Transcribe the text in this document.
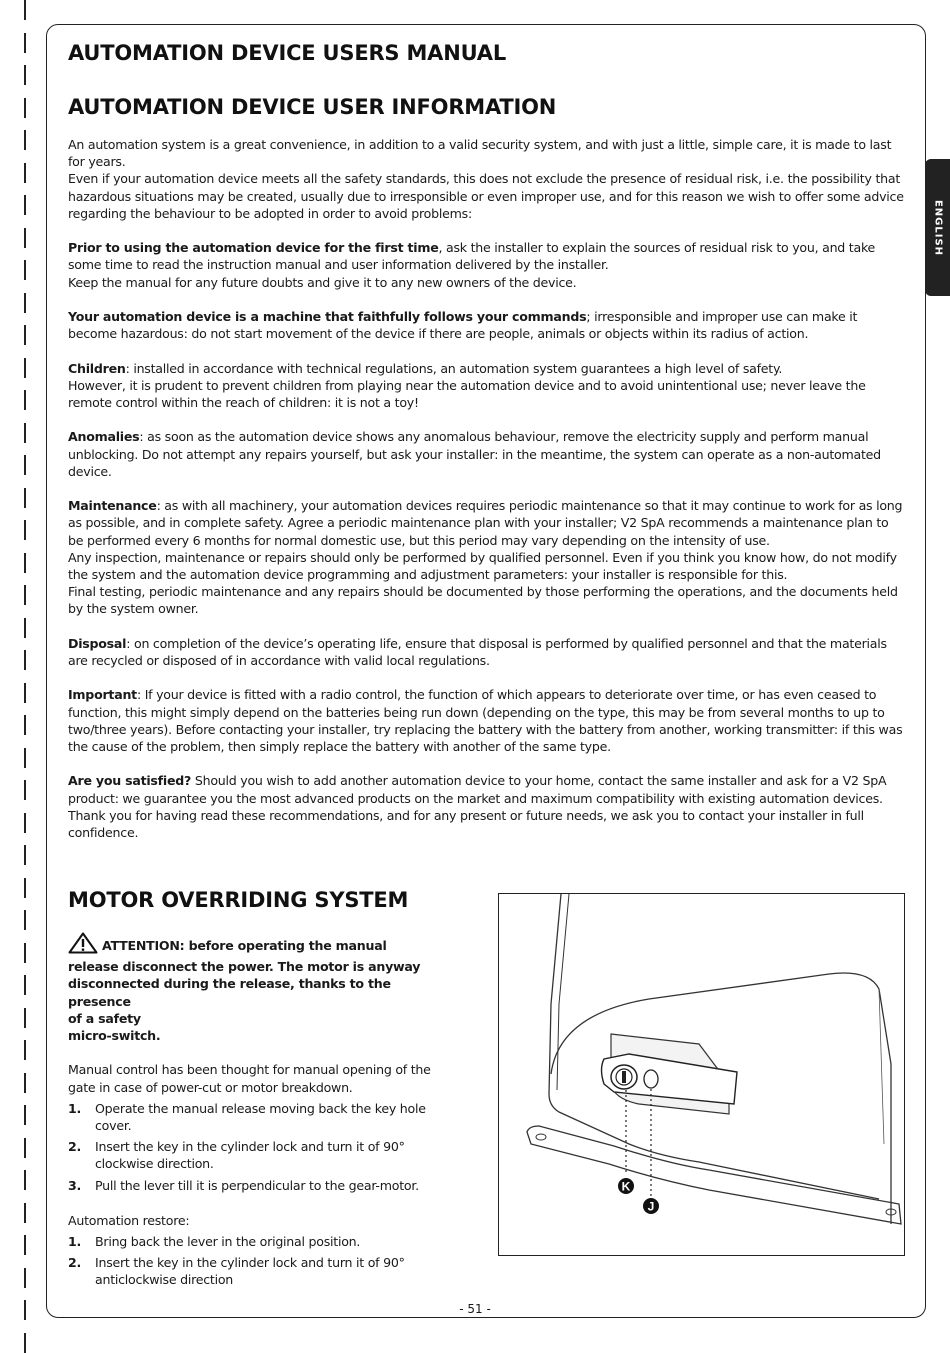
ENGLISH
AUTOMATION DEVICE USERS MANUAL
AUTOMATION DEVICE USER INFORMATION

An automation system is a great convenience, in addition to a valid security system, and with just a little, simple care, it is made to last for years.
Even if your automation device meets all the safety standards, this does not exclude the presence of residual risk, i.e. the possibility that hazardous situations may be created, usually due to irresponsible or even improper use, and for this reason we wish to offer some advice regarding the behaviour to be adopted in order to avoid problems:

Prior to using the automation device for the first time, ask the installer to explain the sources of residual risk to you, and take some time to read the instruction manual and user information delivered by the installer.
Keep the manual for any future doubts and give it to any new owners of the device.

Your automation device is a machine that faithfully follows your commands; irresponsible and improper use can make it become hazardous: do not start movement of the device if there are people, animals or objects within its radius of action.

Children: installed in accordance with technical regulations, an automation system guarantees a high level of safety.
However, it is prudent to prevent children from playing near the automation device and to avoid unintentional use; never leave the remote control within the reach of children: it is not a toy!

Anomalies: as soon as the automation device shows any anomalous behaviour, remove the electricity supply and perform manual unblocking. Do not attempt any repairs yourself, but ask your installer: in the meantime, the system can operate as a non-automated device.

Maintenance: as with all machinery, your automation devices requires periodic maintenance so that it may continue to work for as long as possible, and in complete safety. Agree a periodic maintenance plan with your installer; V2 SpA recommends a maintenance plan to be performed every 6 months for normal domestic use, but this period may vary depending on the intensity of use.
Any inspection, maintenance or repairs should only be performed by qualified personnel. Even if you think you know how, do not modify the system and the automation device programming and adjustment parameters: your installer is responsible for this.
Final testing, periodic maintenance and any repairs should be documented by those performing the operations, and the documents held by the system owner.

Disposal: on completion of the device’s operating life, ensure that disposal is performed by qualified personnel and that the materials are recycled or disposed of in accordance with valid local regulations.

Important: If your device is fitted with a radio control, the function of which appears to deteriorate over time, or has even ceased to function, this might simply depend on the batteries being run down (depending on the type, this may be from several months to up to two/three years). Before contacting your installer, try replacing the battery with the battery from another, working transmitter: if this was the cause of the problem, then simply replace the battery with another of the same type.

Are you satisfied? Should you wish to add another automation device to your home, contact the same installer and ask for a V2 SpA product: we guarantee you the most advanced products on the market and maximum compatibility with existing automation devices.
Thank you for having read these recommendations, and for any present or future needs, we ask you to contact your installer in full confidence.

MOTOR OVERRIDING SYSTEM
ATTENTION: before operating the manual
release disconnect the power. The motor is anyway
disconnected during the release, thanks to the presence
of a safety
micro-switch.

Manual control has been thought for manual opening of the gate in case of power-cut or motor breakdown.

1. Operate the manual release moving back the key hole cover.
2. Insert the key in the cylinder lock and turn it of 90° clockwise direction.
3. Pull the lever till it is perpendicular to the gear-motor.

Automation restore:

1. Bring back the lever in the original position.
2. Insert the key in the cylinder lock and turn it of 90° anticlockwise direction
K
J
- 51 -
